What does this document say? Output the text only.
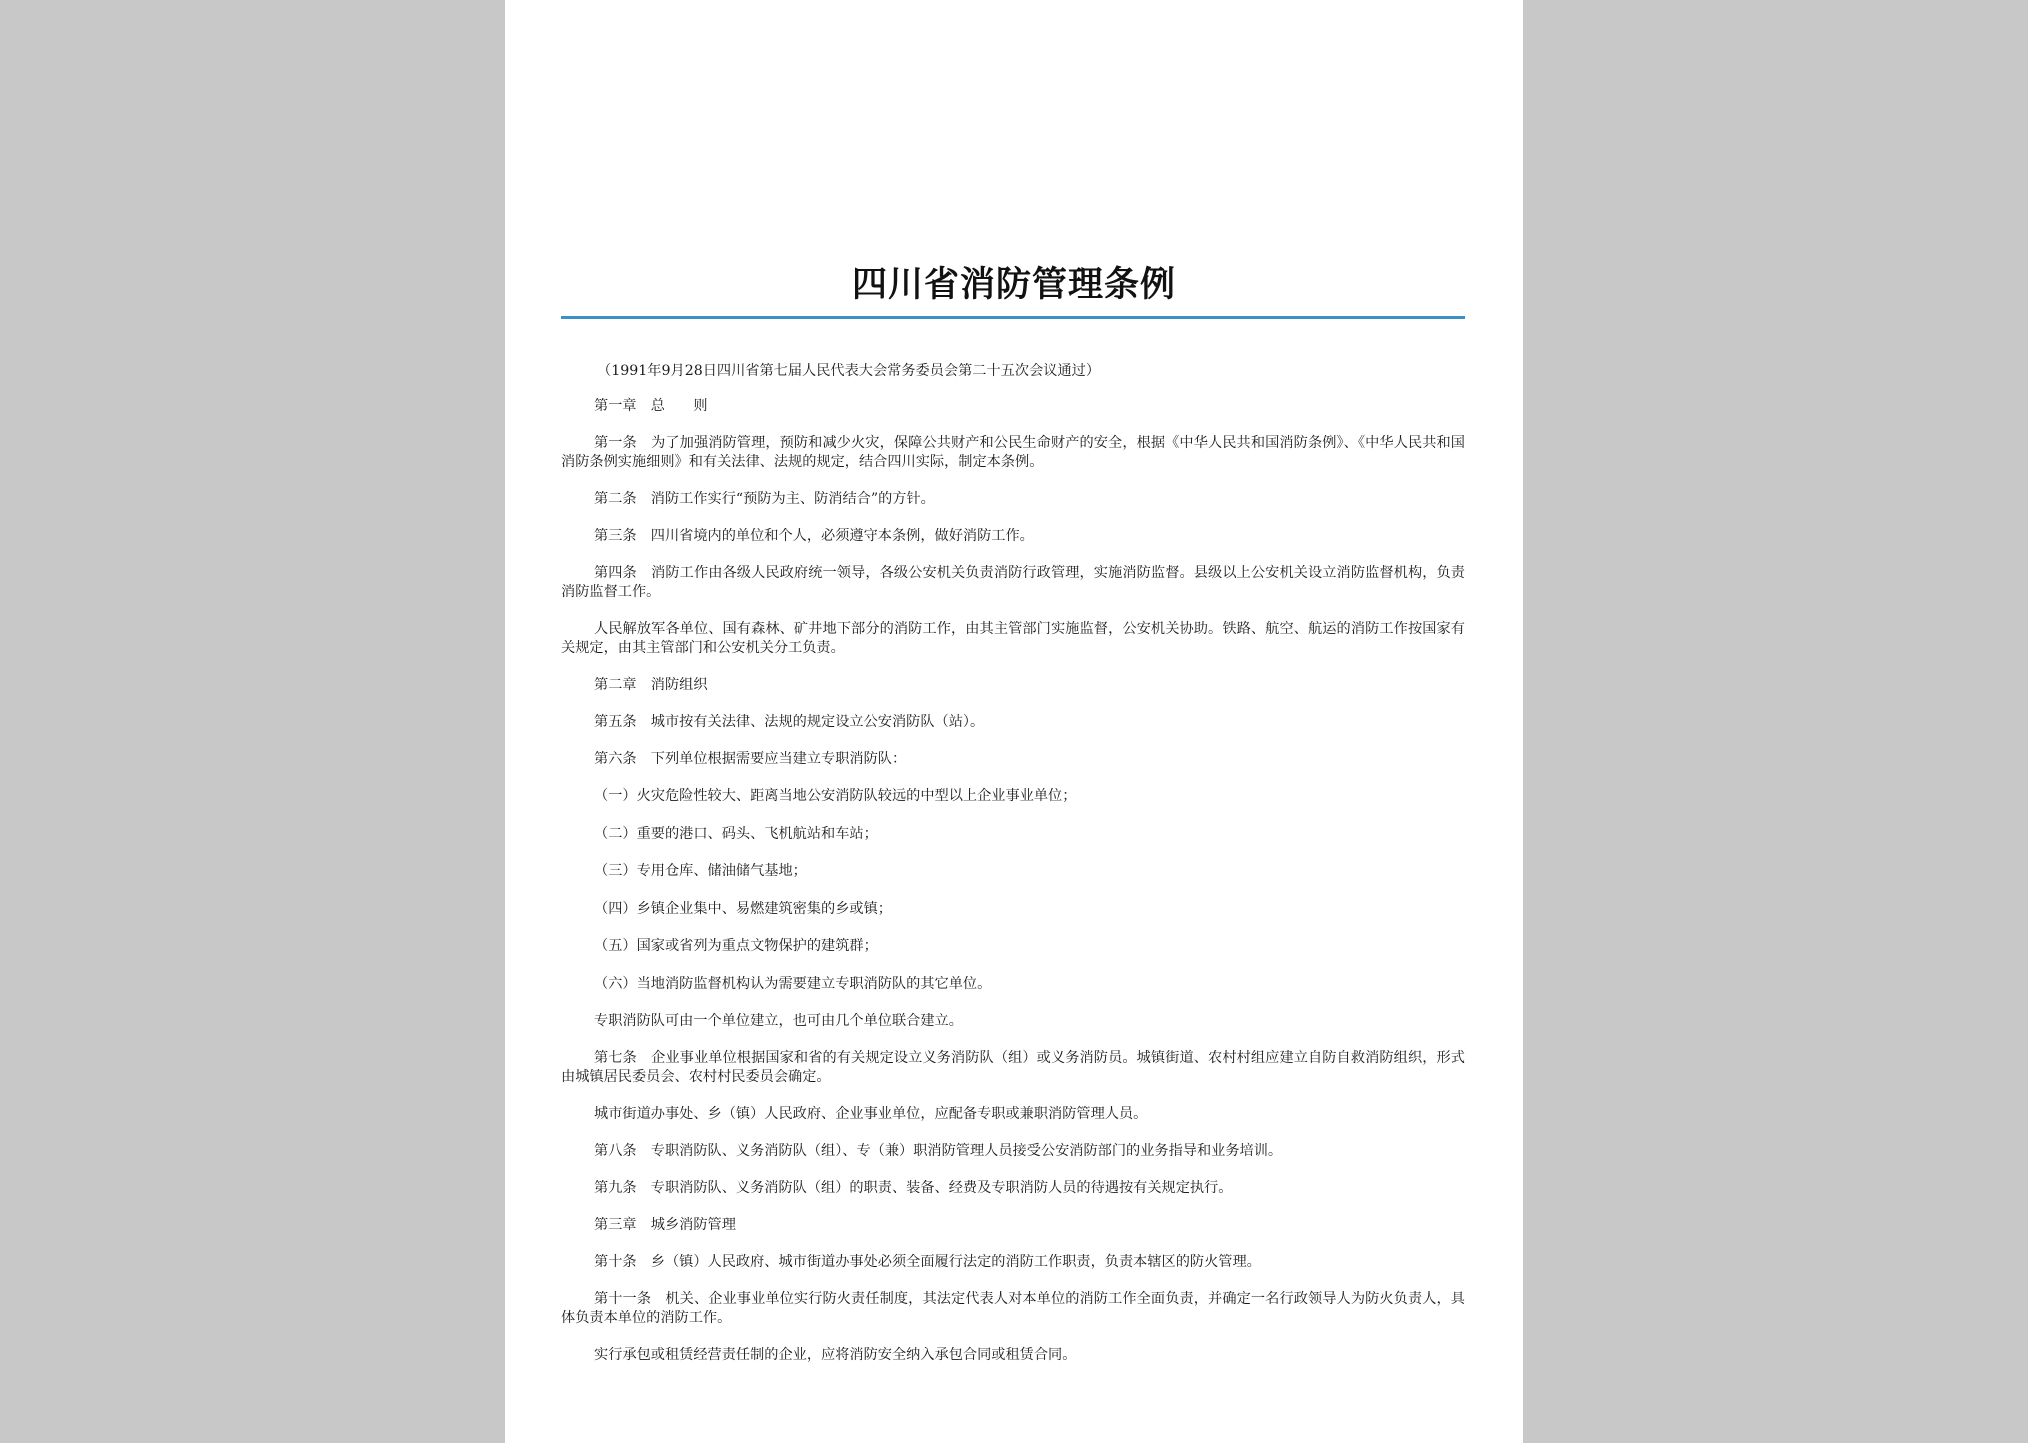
四川省消防管理条例

（1991年9月28日四川省第七届人民代表大会常务委员会第二十五次会议通过）

第一章　总　　则

第一条　为了加强消防管理，预防和减少火灾，保障公共财产和公民生命财产的安全，根据《中华人民共和国消防条例》、《中华人民共和国消防条例实施细则》和有关法律、法规的规定，结合四川实际，制定本条例。

第二条　消防工作实行“预防为主、防消结合”的方针。

第三条　四川省境内的单位和个人，必须遵守本条例，做好消防工作。

第四条　消防工作由各级人民政府统一领导，各级公安机关负责消防行政管理，实施消防监督。县级以上公安机关设立消防监督机构，负责消防监督工作。

人民解放军各单位、国有森林、矿井地下部分的消防工作，由其主管部门实施监督，公安机关协助。铁路、航空、航运的消防工作按国家有关规定，由其主管部门和公安机关分工负责。

第二章　消防组织

第五条　城市按有关法律、法规的规定设立公安消防队（站）。

第六条　下列单位根据需要应当建立专职消防队：

（一）火灾危险性较大、距离当地公安消防队较远的中型以上企业事业单位；

（二）重要的港口、码头、飞机航站和车站；

（三）专用仓库、储油储气基地；

（四）乡镇企业集中、易燃建筑密集的乡或镇；

（五）国家或省列为重点文物保护的建筑群；

（六）当地消防监督机构认为需要建立专职消防队的其它单位。

专职消防队可由一个单位建立，也可由几个单位联合建立。

第七条　企业事业单位根据国家和省的有关规定设立义务消防队（组）或义务消防员。城镇街道、农村村组应建立自防自救消防组织，形式由城镇居民委员会、农村村民委员会确定。

城市街道办事处、乡（镇）人民政府、企业事业单位，应配备专职或兼职消防管理人员。

第八条　专职消防队、义务消防队（组）、专（兼）职消防管理人员接受公安消防部门的业务指导和业务培训。

第九条　专职消防队、义务消防队（组）的职责、装备、经费及专职消防人员的待遇按有关规定执行。

第三章　城乡消防管理

第十条　乡（镇）人民政府、城市街道办事处必须全面履行法定的消防工作职责，负责本辖区的防火管理。

第十一条　机关、企业事业单位实行防火责任制度，其法定代表人对本单位的消防工作全面负责，并确定一名行政领导人为防火负责人，具体负责本单位的消防工作。

实行承包或租赁经营责任制的企业，应将消防安全纳入承包合同或租赁合同。
